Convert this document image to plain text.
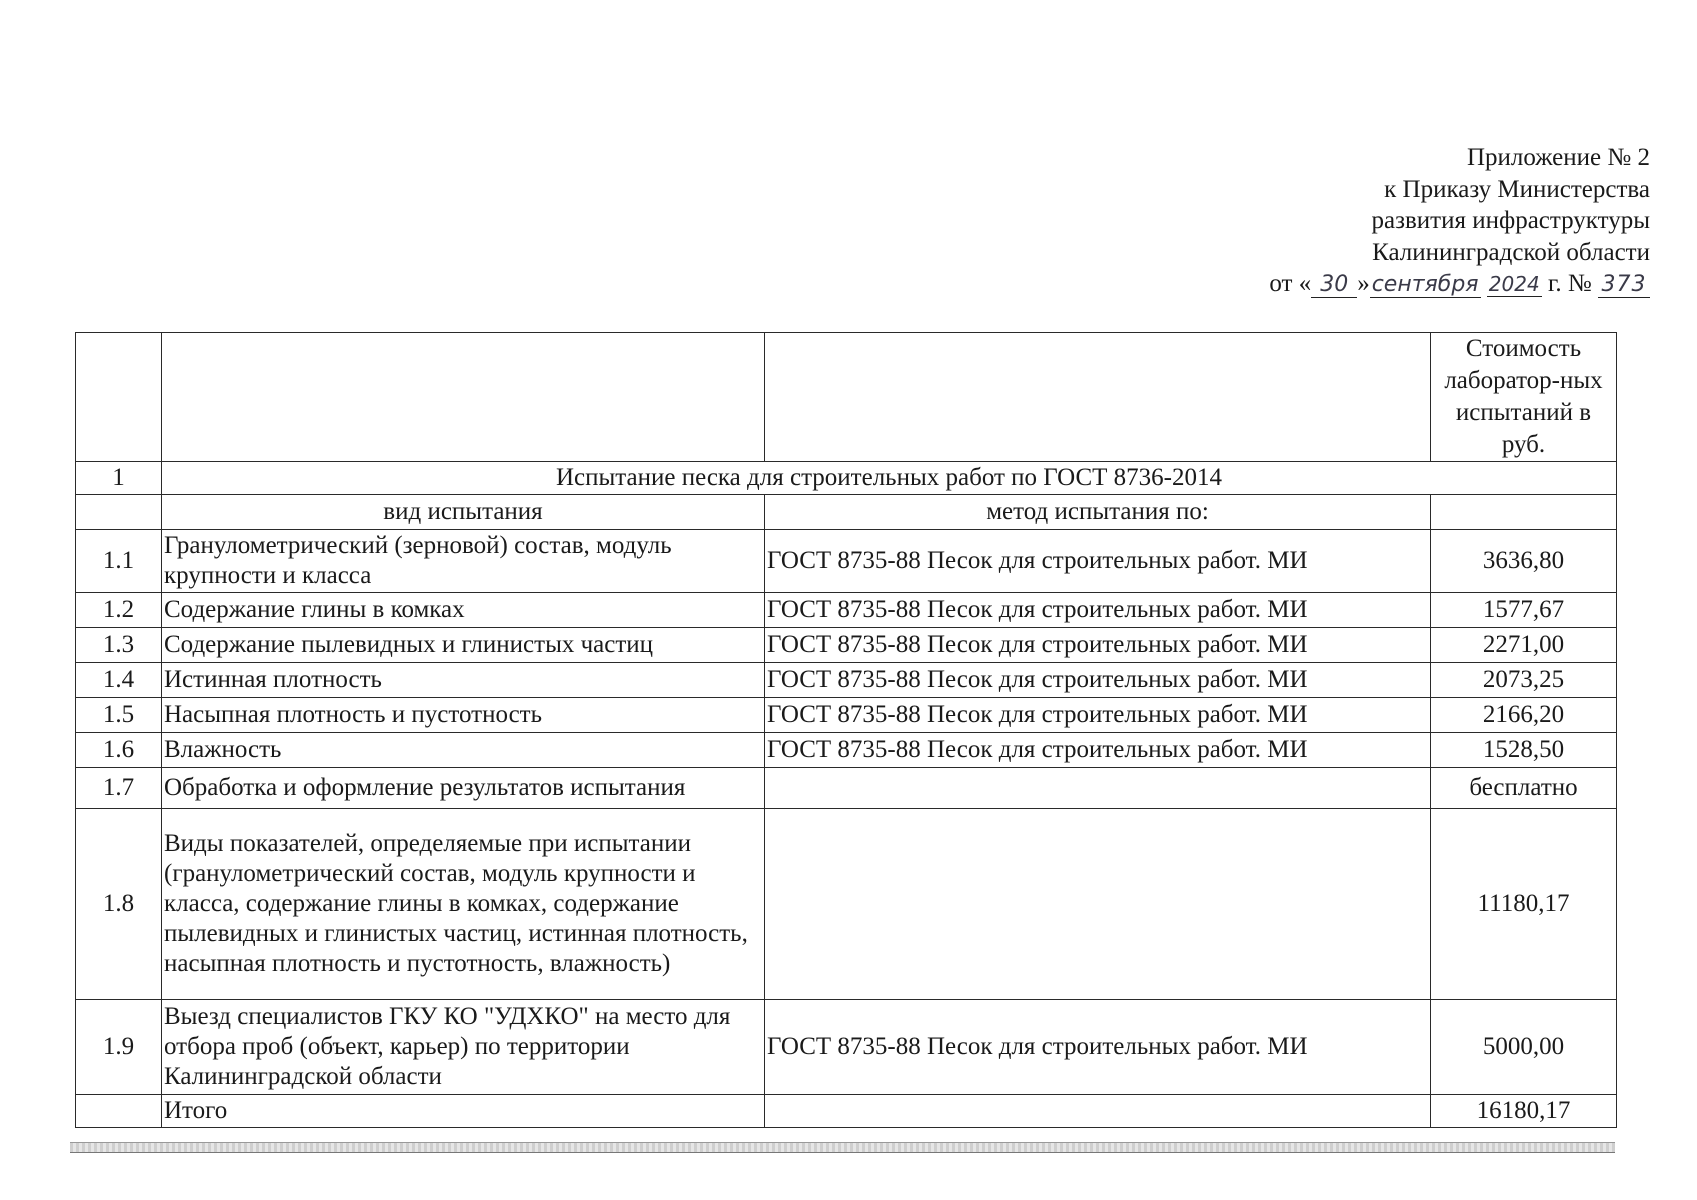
Приложение № 2
к Приказу Министерства
развития инфраструктуры
Калининградской области
от « 30 »сентября 2024 г. № 373
			Стоимость лаборатор-ных испытаний в руб.
1	Испытание песка для строительных работ по ГОСТ 8736-2014		
	вид испытания	метод испытания по:	
1.1	Гранулометрический (зерновой) состав, модуль крупности и класса	ГОСТ 8735-88 Песок для строительных работ. МИ	3636,80
1.2	Содержание глины в комках	ГОСТ 8735-88 Песок для строительных работ. МИ	1577,67
1.3	Содержание пылевидных и глинистых частиц	ГОСТ 8735-88 Песок для строительных работ. МИ	2271,00
1.4	Истинная плотность	ГОСТ 8735-88 Песок для строительных работ. МИ	2073,25
1.5	Насыпная плотность и пустотность	ГОСТ 8735-88 Песок для строительных работ. МИ	2166,20
1.6	Влажность	ГОСТ 8735-88 Песок для строительных работ. МИ	1528,50
1.7	Обработка и оформление результатов испытания		бесплатно
1.8	Виды показателей, определяемые при испытании (гранулометрический состав, модуль крупности и класса, содержание глины в комках, содержание пылевидных и глинистых частиц, истинная плотность, насыпная плотность и пустотность, влажность)		11180,17
1.9	Выезд специалистов ГКУ КО "УДХКО" на место для отбора проб (объект, карьер) по территории Калининградской области	ГОСТ 8735-88 Песок для строительных работ. МИ	5000,00
	Итого		16180,17
